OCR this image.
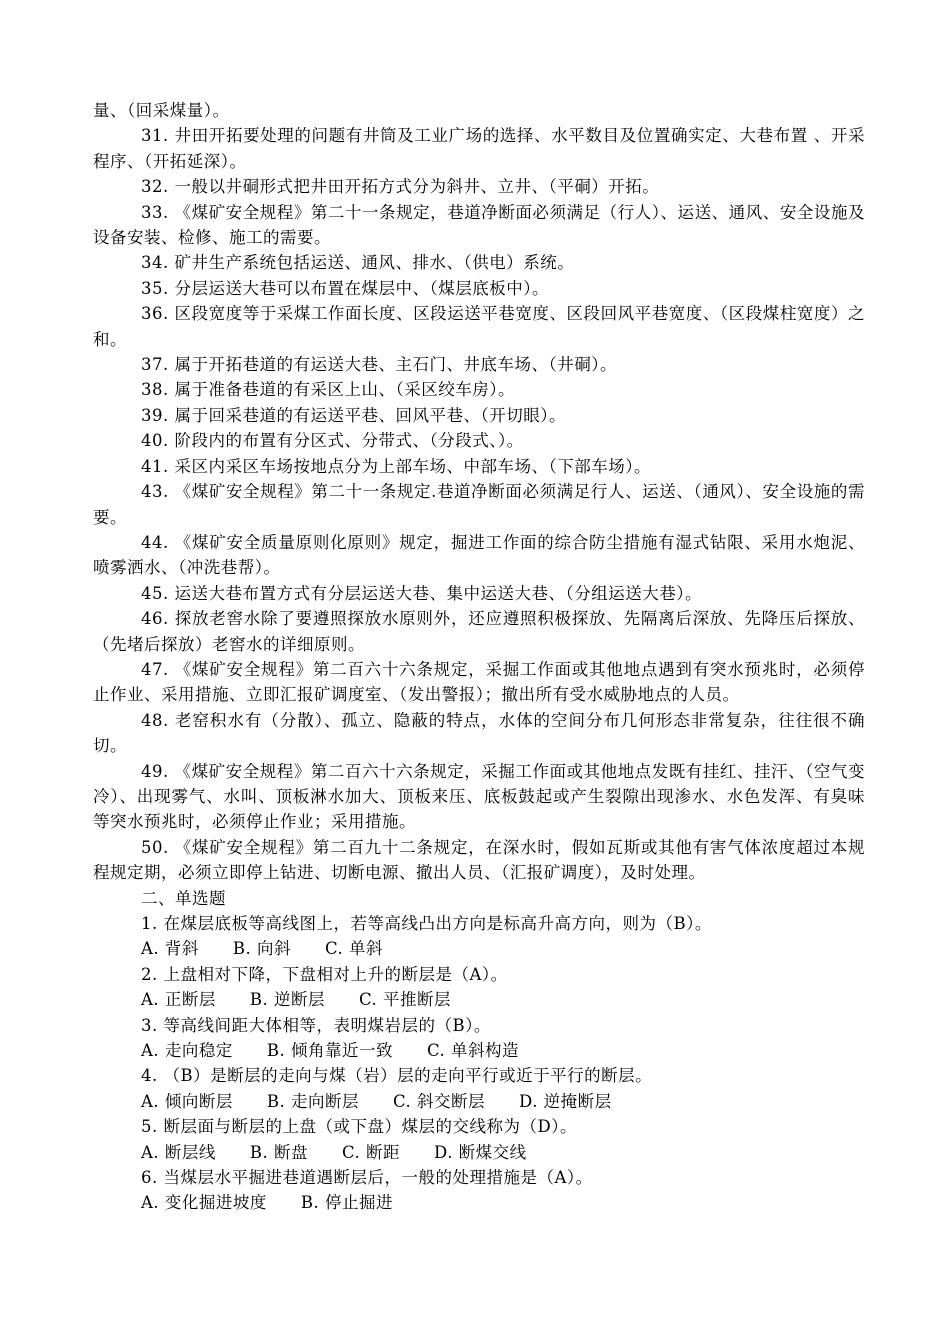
量、（回采煤量）。

31. 井田开拓要处理的问题有井筒及工业广场的选择、水平数目及位置确实定、大巷布置 、开采程序、（开拓延深）。

32. 一般以井硐形式把井田开拓方式分为斜井、立井、（平硐）开拓。

33. 《煤矿安全规程》第二十一条规定，巷道净断面必须满足（行人）、运送、通风、安全设施及设备安装、检修、施工的需要。

34. 矿井生产系统包括运送、通风、排水、（供电）系统。

35. 分层运送大巷可以布置在煤层中、（煤层底板中）。

36. 区段宽度等于采煤工作面长度、区段运送平巷宽度、区段回风平巷宽度、（区段煤柱宽度）之和。

37. 属于开拓巷道的有运送大巷、主石门、井底车场、（井硐）。

38. 属于准备巷道的有采区上山、（采区绞车房）。

39. 属于回采巷道的有运送平巷、回风平巷、（开切眼）。

40. 阶段内的布置有分区式、分带式、（分段式、）。

41. 采区内采区车场按地点分为上部车场、中部车场、（下部车场）。

43. 《煤矿安全规程》第二十一条规定.巷道净断面必须满足行人、运送、（通风）、安全设施的需要。

44. 《煤矿安全质量原则化原则》规定，掘进工作面的综合防尘措施有湿式钻限、采用水炮泥、喷雾洒水、（冲洗巷帮）。

45. 运送大巷布置方式有分层运送大巷、集中运送大巷、（分组运送大巷）。

46. 探放老窖水除了要遵照探放水原则外，还应遵照积极探放、先隔离后深放、先降压后探放、（先堵后探放）老窖水的详细原则。

47. 《煤矿安全规程》第二百六十六条规定，采掘工作面或其他地点遇到有突水预兆时，必须停止作业、采用措施、立即汇报矿调度室、（发出警报）；撤出所有受水威胁地点的人员。

48. 老窑积水有（分散）、孤立、隐蔽的特点，水体的空间分布几何形态非常复杂，往往很不确切。

49. 《煤矿安全规程》第二百六十六条规定，采掘工作面或其他地点发既有挂红、挂汗、（空气变冷）、出现雾气、水叫、顶板淋水加大、顶板来压、底板鼓起或产生裂隙出现渗水、水色发浑、有臭味等突水预兆时，必须停止作业；采用措施。

50. 《煤矿安全规程》第二百九十二条规定，在深水时，假如瓦斯或其他有害气体浓度超过本规程规定期，必须立即停上钻进、切断电源、撤出人员、（汇报矿调度），及时处理。

二、单选题

1. 在煤层底板等高线图上，若等高线凸出方向是标高升高方向，则为（B）。

A. 背斜　　B. 向斜　　C. 单斜

2. 上盘相对下降，下盘相对上升的断层是（A）。

A. 正断层　　B. 逆断层　　C. 平推断层

3. 等高线间距大体相等，表明煤岩层的（B）。

A. 走向稳定　　B. 倾角靠近一致　　C. 单斜构造

4. （B）是断层的走向与煤（岩）层的走向平行或近于平行的断层。

A. 倾向断层　　B. 走向断层　　C. 斜交断层　　D. 逆掩断层

5. 断层面与断层的上盘（或下盘）煤层的交线称为（D）。

A. 断层线　　B. 断盘　　C. 断距　　D. 断煤交线

6. 当煤层水平掘进巷道遇断层后，一般的处理措施是（A）。

A. 变化掘进坡度　　B. 停止掘进
